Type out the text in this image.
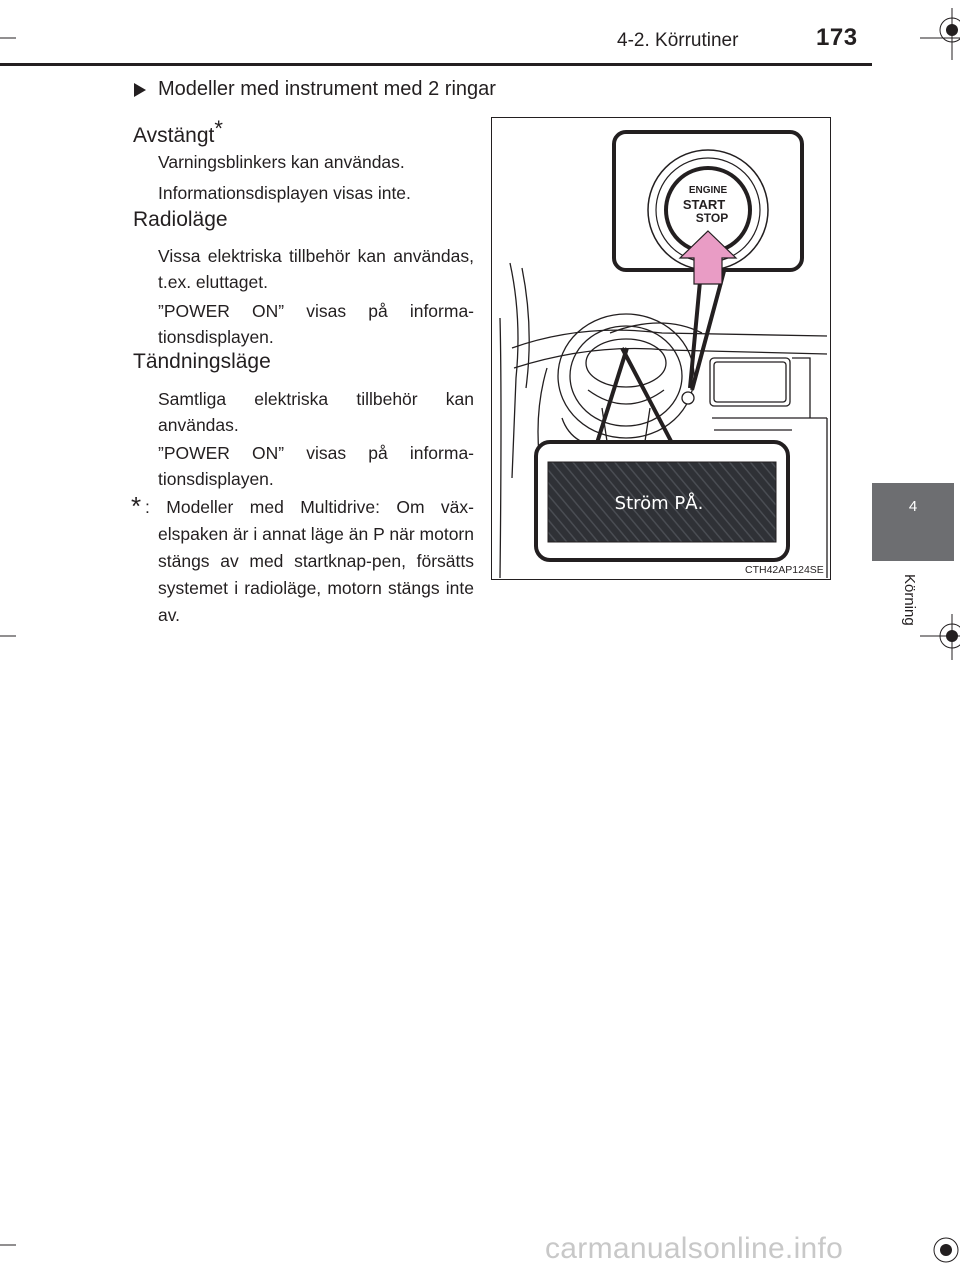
4-2. Körrutiner	173
4
Körning
Modeller med instrument med 2 ringar
Avstängt*
Varningsblinkers kan användas.
Informationsdisplayen visas inte.
Radioläge
Vissa elektriska tillbehör kan användas, t.ex. eluttaget.
”POWER ON” visas på informa-tionsdisplayen.
Tändningsläge
Samtliga elektriska tillbehör kan användas.
”POWER ON” visas på informa-tionsdisplayen.
* : Modeller med Multidrive: Om väx-elspaken är i annat läge än P när motorn stängs av med startknap-pen, försätts systemet i radioläge, motorn stängs inte av.
ENGINE
START
STOP
Ström PÅ.
CTH42AP124SE
carmanualsonline.info
